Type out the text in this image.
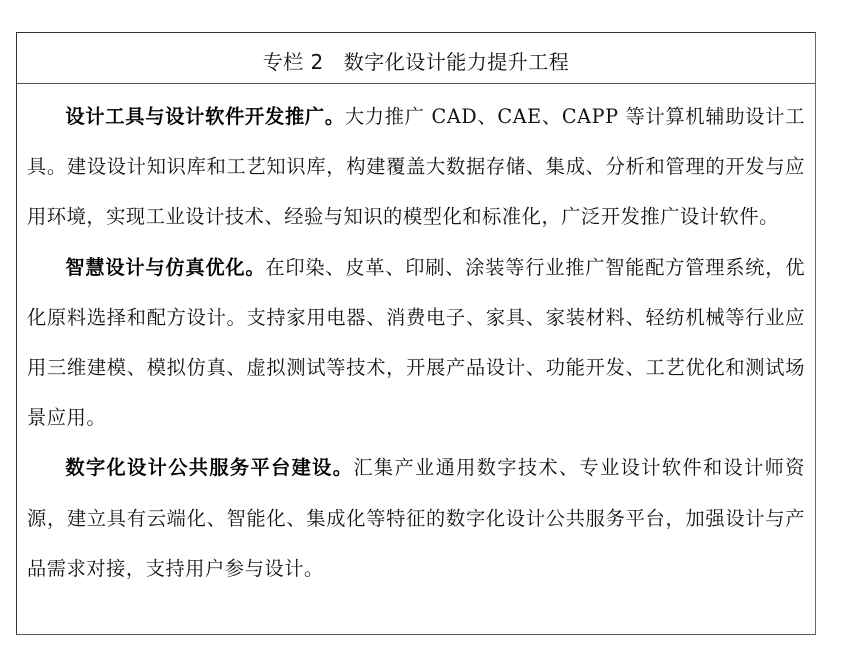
专栏 2 数字化设计能力提升工程

设计工具与设计软件开发推广。大力推广 CAD、CAE、CAPP 等计算机辅助设计工具。建设设计知识库和工艺知识库，构建覆盖大数据存储、集成、分析和管理的开发与应用环境，实现工业设计技术、经验与知识的模型化和标准化，广泛开发推广设计软件。

智慧设计与仿真优化。在印染、皮革、印刷、涂装等行业推广智能配方管理系统，优化原料选择和配方设计。支持家用电器、消费电子、家具、家装材料、轻纺机械等行业应用三维建模、模拟仿真、虚拟测试等技术，开展产品设计、功能开发、工艺优化和测试场景应用。

数字化设计公共服务平台建设。汇集产业通用数字技术、专业设计软件和设计师资源，建立具有云端化、智能化、集成化等特征的数字化设计公共服务平台，加强设计与产品需求对接，支持用户参与设计。
